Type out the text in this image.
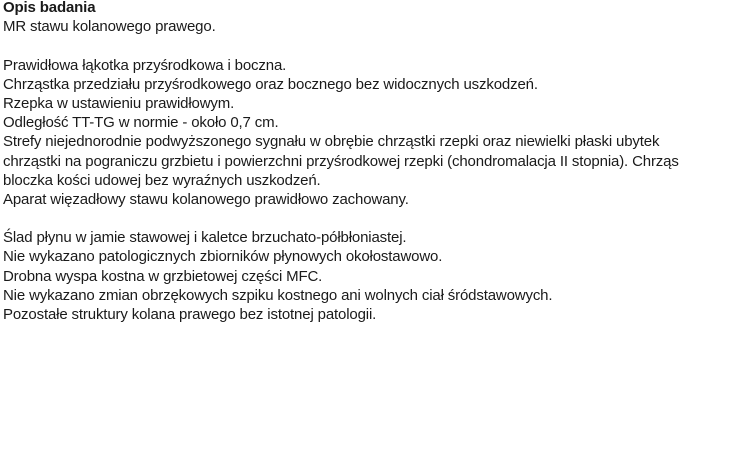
Opis badania
MR stawu kolanowego prawego.
Prawidłowa łąkotka przyśrodkowa i boczna.
Chrząstka przedziału przyśrodkowego oraz bocznego bez widocznych uszkodzeń.
Rzepka w ustawieniu prawidłowym.
Odległość TT-TG w normie - około 0,7 cm.
Strefy niejednorodnie podwyższonego sygnału w obrębie chrząstki rzepki oraz niewielki płaski ubytek
chrząstki na pograniczu grzbietu i powierzchni przyśrodkowej rzepki (chondromalacja II stopnia). Chrząs
bloczka kości udowej bez wyraźnych uszkodzeń.
Aparat więzadłowy stawu kolanowego prawidłowo zachowany.
Ślad płynu w jamie stawowej i kaletce brzuchato-półbłoniastej.
Nie wykazano patologicznych zbiorników płynowych okołostawowo.
Drobna wyspa kostna w grzbietowej części MFC.
Nie wykazano zmian obrzękowych szpiku kostnego ani wolnych ciał śródstawowych.
Pozostałe struktury kolana prawego bez istotnej patologii.
